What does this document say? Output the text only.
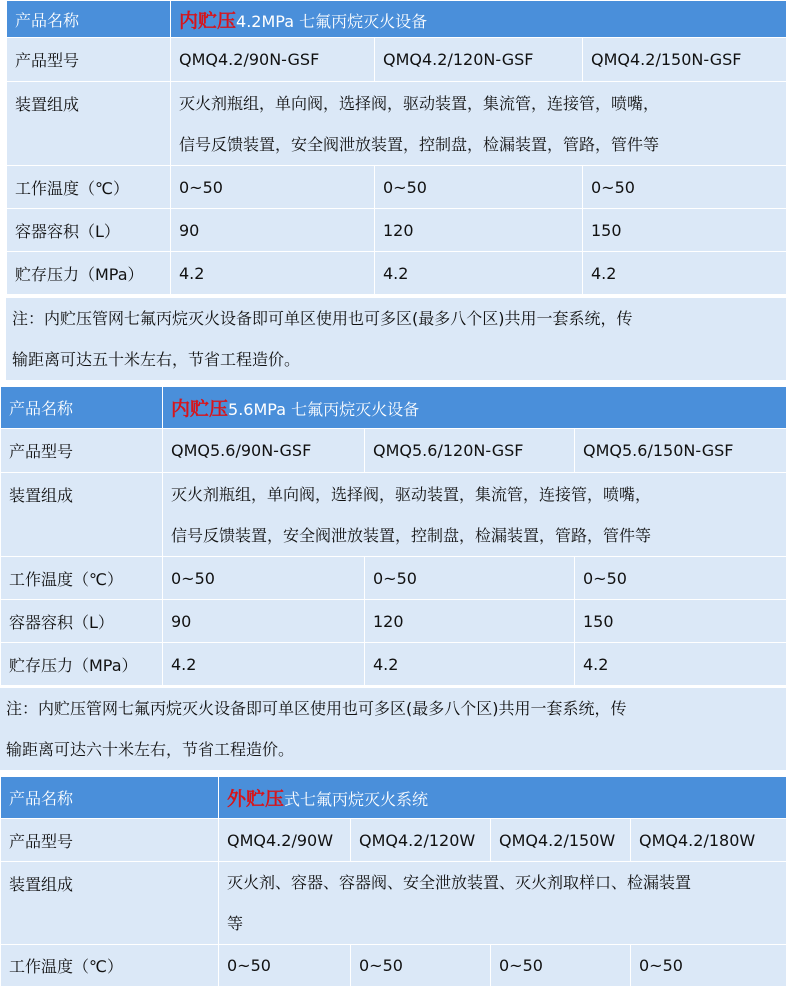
产品名称	内贮压4.2MPa 七氟丙烷灭火设备		
产品型号	QMQ4.2/90N-GSF	QMQ4.2/120N-GSF	QMQ4.2/150N-GSF
装置组成	灭火剂瓶组，单向阀，选择阀，驱动装置，集流管，连接管，喷嘴，
信号反馈装置，安全阀泄放装置，控制盘，检漏装置，管路，管件等		

工作温度（℃）	0~50	0~50	0~50
容器容积（L）	90	120	150
贮存压力（MPa）	4.2	4.2	4.2
注：内贮压管网七氟丙烷灭火设备即可单区使用也可多区(最多八个区)共用一套系统，传
输距离可达五十米左右，节省工程造价。
产品名称	内贮压5.6MPa 七氟丙烷灭火设备		
产品型号	QMQ5.6/90N-GSF	QMQ5.6/120N-GSF	QMQ5.6/150N-GSF
装置组成	灭火剂瓶组，单向阀，选择阀，驱动装置，集流管，连接管，喷嘴，
信号反馈装置，安全阀泄放装置，控制盘，检漏装置，管路，管件等		

工作温度（℃）	0~50	0~50	0~50
容器容积（L）	90	120	150
贮存压力（MPa）	4.2	4.2	4.2
注：内贮压管网七氟丙烷灭火设备即可单区使用也可多区(最多八个区)共用一套系统，传
输距离可达六十米左右，节省工程造价。
产品名称	外贮压式七氟丙烷灭火系统			
产品型号	QMQ4.2/90W	QMQ4.2/120W	QMQ4.2/150W	QMQ4.2/180W
装置组成	灭火剂、容器、容器阀、安全泄放装置、灭火剂取样口、检漏装置
等			

工作温度（℃）	0~50	0~50	0~50	0~50
